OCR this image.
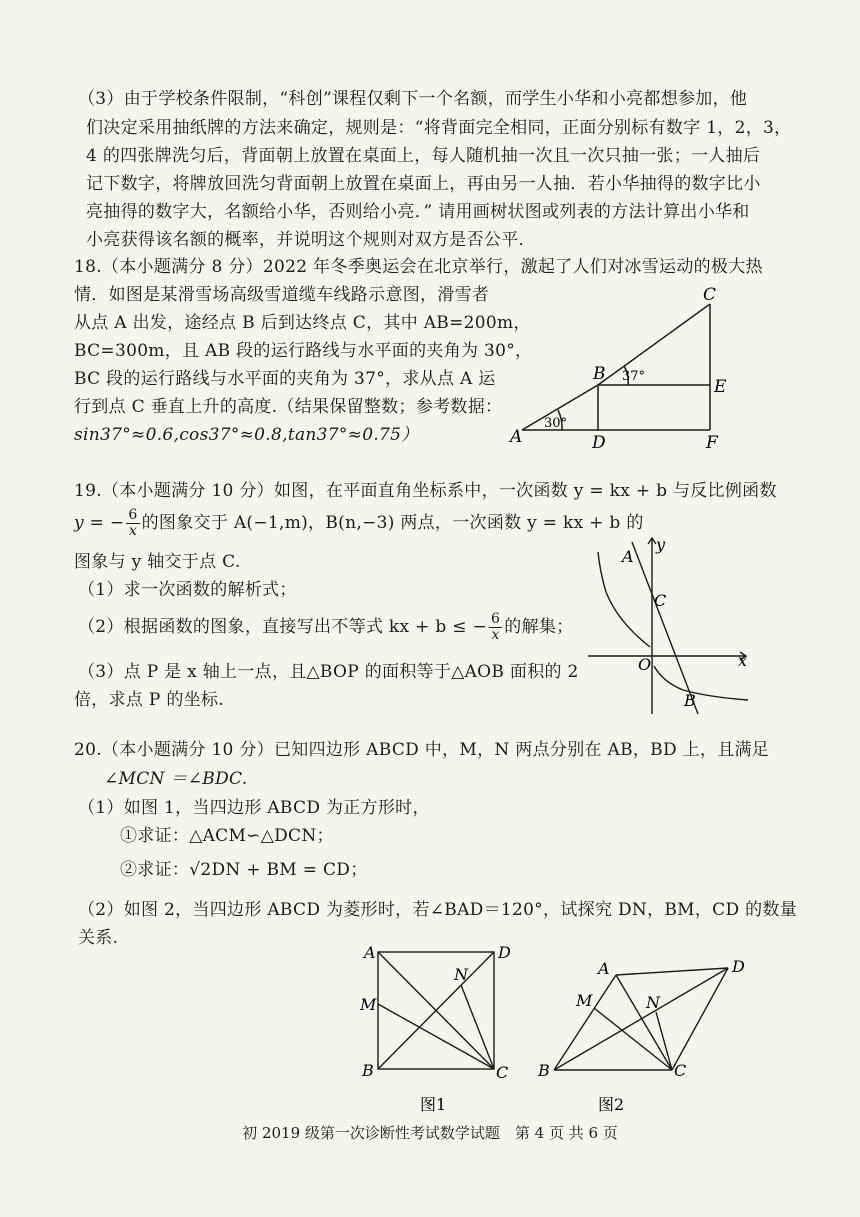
（3）由于学校条件限制，“科创”课程仅剩下一个名额，而学生小华和小亮都想参加，他
们决定采用抽纸牌的方法来确定，规则是：“将背面完全相同，正面分别标有数字 1，2，3，
4 的四张牌洗匀后，背面朝上放置在桌面上，每人随机抽一次且一次只抽一张；一人抽后
记下数字，将牌放回洗匀背面朝上放置在桌面上，再由另一人抽．若小华抽得的数字比小
亮抽得的数字大，名额给小华，否则给小亮．” 请用画树状图或列表的方法计算出小华和
小亮获得该名额的概率，并说明这个规则对双方是否公平．
18.（本小题满分 8 分）2022 年冬季奥运会在北京举行，激起了人们对冰雪运动的极大热
情．如图是某滑雪场高级雪道缆车线路示意图，滑雪者
从点 A 出发，途经点 B 后到达终点 C，其中 AB=200m，
BC=300m，且 AB 段的运行路线与水平面的夹角为 30°，
BC 段的运行路线与水平面的夹角为 37°，求从点 A 运
行到点 C 垂直上升的高度.（结果保留整数；参考数据：
sin37°≈0.6,cos37°≈0.8,tan37°≈0.75）	A
B
C
D
E
F
30°
37°
19.（本小题满分 10 分）如图，在平面直角坐标系中，一次函数 y = kx + b 与反比例函数
y = − $\frac{6}{x}$ 的图象交于 A(−1,m)，B(n,−3) 两点，一次函数 y = kx + b 的
图象与 y 轴交于点 C.
（1）求一次函数的解析式；
（2）根据函数的图象，直接写出不等式 kx + b ≤ − $\frac{6}{x}$ 的解集；
（3）点 P 是 x 轴上一点，且△BOP 的面积等于△AOB 面积的 2
倍，求点 P 的坐标.
A
y
C
O	x
B
20.（本小题满分 10 分）已知四边形 ABCD 中，M，N 两点分别在 AB，BD 上，且满足
∠MCN ＝∠BDC.
（1）如图 1，当四边形 ABCD 为正方形时，
①求证：△ACM∽△DCN；
②求证：√2DN + BM = CD；
（2）如图 2，当四边形 ABCD 为菱形时，若∠BAD＝120°，试探究 DN，BM，CD 的数量
关系.
A	D
M
N
B	C
图1
A	D
M	N
B	C
图2
初 2019 级第一次诊断性考试数学试题　第 4 页 共 6 页
